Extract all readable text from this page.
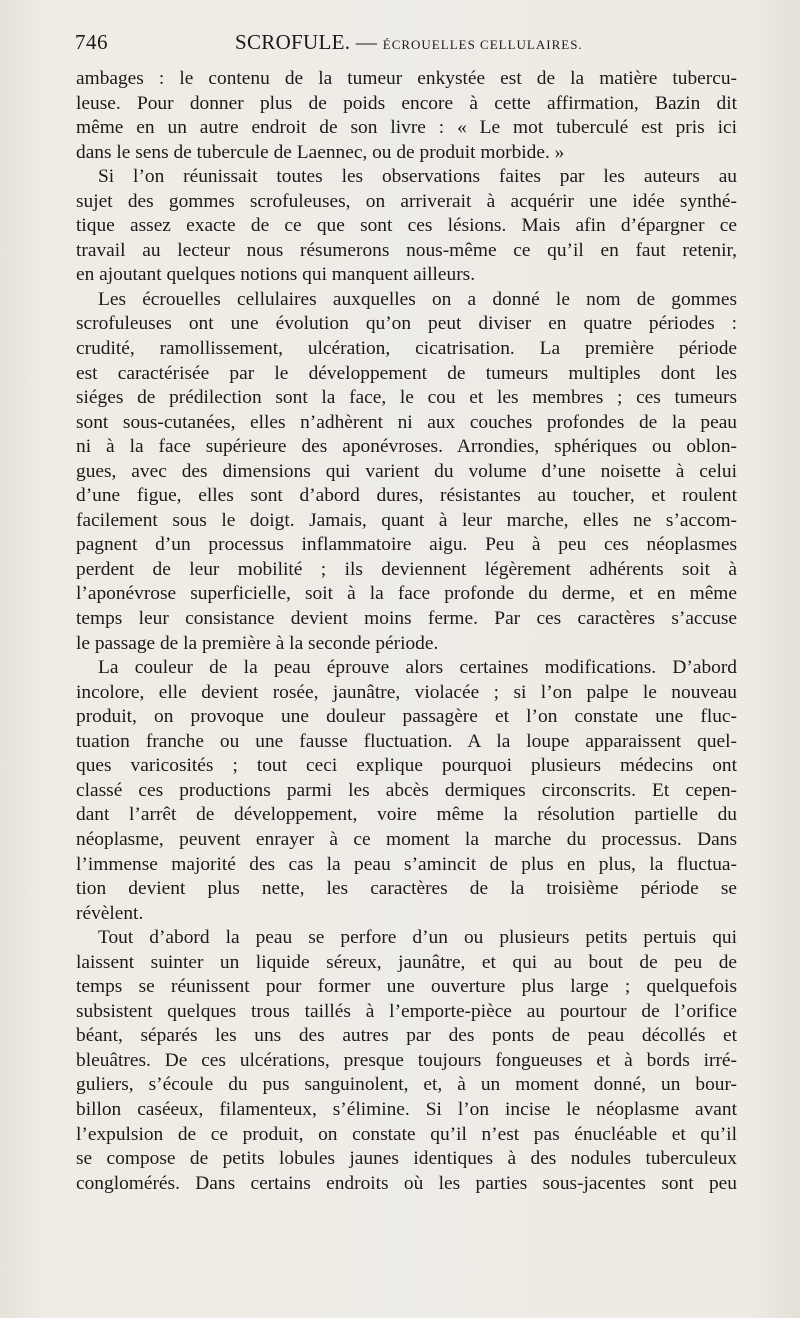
746	SCROFULE. — ÉCROUELLES CELLULAIRES.
ambages : le contenu de la tumeur enkystée est de la matière tubercu-
leuse. Pour donner plus de poids encore à cette affirmation, Bazin dit
même en un autre endroit de son livre : « Le mot tuberculé est pris ici
dans le sens de tubercule de Laennec, ou de produit morbide. »
Si l’on réunissait toutes les observations faites par les auteurs au
sujet des gommes scrofuleuses, on arriverait à acquérir une idée synthé-
tique assez exacte de ce que sont ces lésions. Mais afin d’épargner ce
travail au lecteur nous résumerons nous-même ce qu’il en faut retenir,
en ajoutant quelques notions qui manquent ailleurs.
Les écrouelles cellulaires auxquelles on a donné le nom de gommes
scrofuleuses ont une évolution qu’on peut diviser en quatre périodes :
crudité, ramollissement, ulcération, cicatrisation. La première période
est caractérisée par le développement de tumeurs multiples dont les
siéges de prédilection sont la face, le cou et les membres ; ces tumeurs
sont sous-cutanées, elles n’adhèrent ni aux couches profondes de la peau
ni à la face supérieure des aponévroses. Arrondies, sphériques ou oblon-
gues, avec des dimensions qui varient du volume d’une noisette à celui
d’une figue, elles sont d’abord dures, résistantes au toucher, et roulent
facilement sous le doigt. Jamais, quant à leur marche, elles ne s’accom-
pagnent d’un processus inflammatoire aigu. Peu à peu ces néoplasmes
perdent de leur mobilité ; ils deviennent légèrement adhérents soit à
l’aponévrose superficielle, soit à la face profonde du derme, et en même
temps leur consistance devient moins ferme. Par ces caractères s’accuse
le passage de la première à la seconde période.
La couleur de la peau éprouve alors certaines modifications. D’abord
incolore, elle devient rosée, jaunâtre, violacée ; si l’on palpe le nouveau
produit, on provoque une douleur passagère et l’on constate une fluc-
tuation franche ou une fausse fluctuation. A la loupe apparaissent quel-
ques varicosités ; tout ceci explique pourquoi plusieurs médecins ont
classé ces productions parmi les abcès dermiques circonscrits. Et cepen-
dant l’arrêt de développement, voire même la résolution partielle du
néoplasme, peuvent enrayer à ce moment la marche du processus. Dans
l’immense majorité des cas la peau s’amincit de plus en plus, la fluctua-
tion devient plus nette, les caractères de la troisième période se
révèlent.
Tout d’abord la peau se perfore d’un ou plusieurs petits pertuis qui
laissent suinter un liquide séreux, jaunâtre, et qui au bout de peu de
temps se réunissent pour former une ouverture plus large ; quelquefois
subsistent quelques trous taillés à l’emporte-pièce au pourtour de l’orifice
béant, séparés les uns des autres par des ponts de peau décollés et
bleuâtres. De ces ulcérations, presque toujours fongueuses et à bords irré-
guliers, s’écoule du pus sanguinolent, et, à un moment donné, un bour-
billon caséeux, filamenteux, s’élimine. Si l’on incise le néoplasme avant
l’expulsion de ce produit, on constate qu’il n’est pas énucléable et qu’il
se compose de petits lobules jaunes identiques à des nodules tuberculeux
conglomérés. Dans certains endroits où les parties sous-jacentes sont peu
